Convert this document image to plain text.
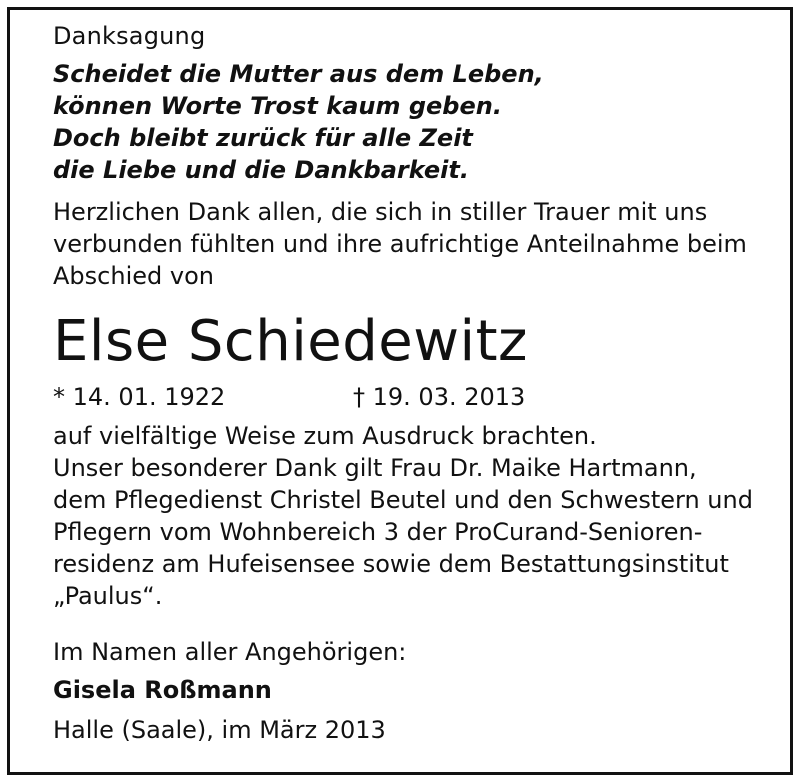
Danksagung
Scheidet die Mutter aus dem Leben,
können Worte Trost kaum geben.
Doch bleibt zurück für alle Zeit
die Liebe und die Dankbarkeit.
Herzlichen Dank allen, die sich in stiller Trauer mit uns
verbunden fühlten und ihre aufrichtige Anteilnahme beim
Abschied von
Else Schiedewitz
* 14. 01. 1922	† 19. 03. 2013
auf vielfältige Weise zum Ausdruck brachten.
Unser besonderer Dank gilt Frau Dr. Maike Hartmann,
dem Pflegedienst Christel Beutel und den Schwestern und
Pflegern vom Wohnbereich 3 der ProCurand-Senioren-
residenz am Hufeisensee sowie dem Bestattungsinstitut
„Paulus“.
Im Namen aller Angehörigen:
Gisela Roßmann
Halle (Saale), im März 2013
